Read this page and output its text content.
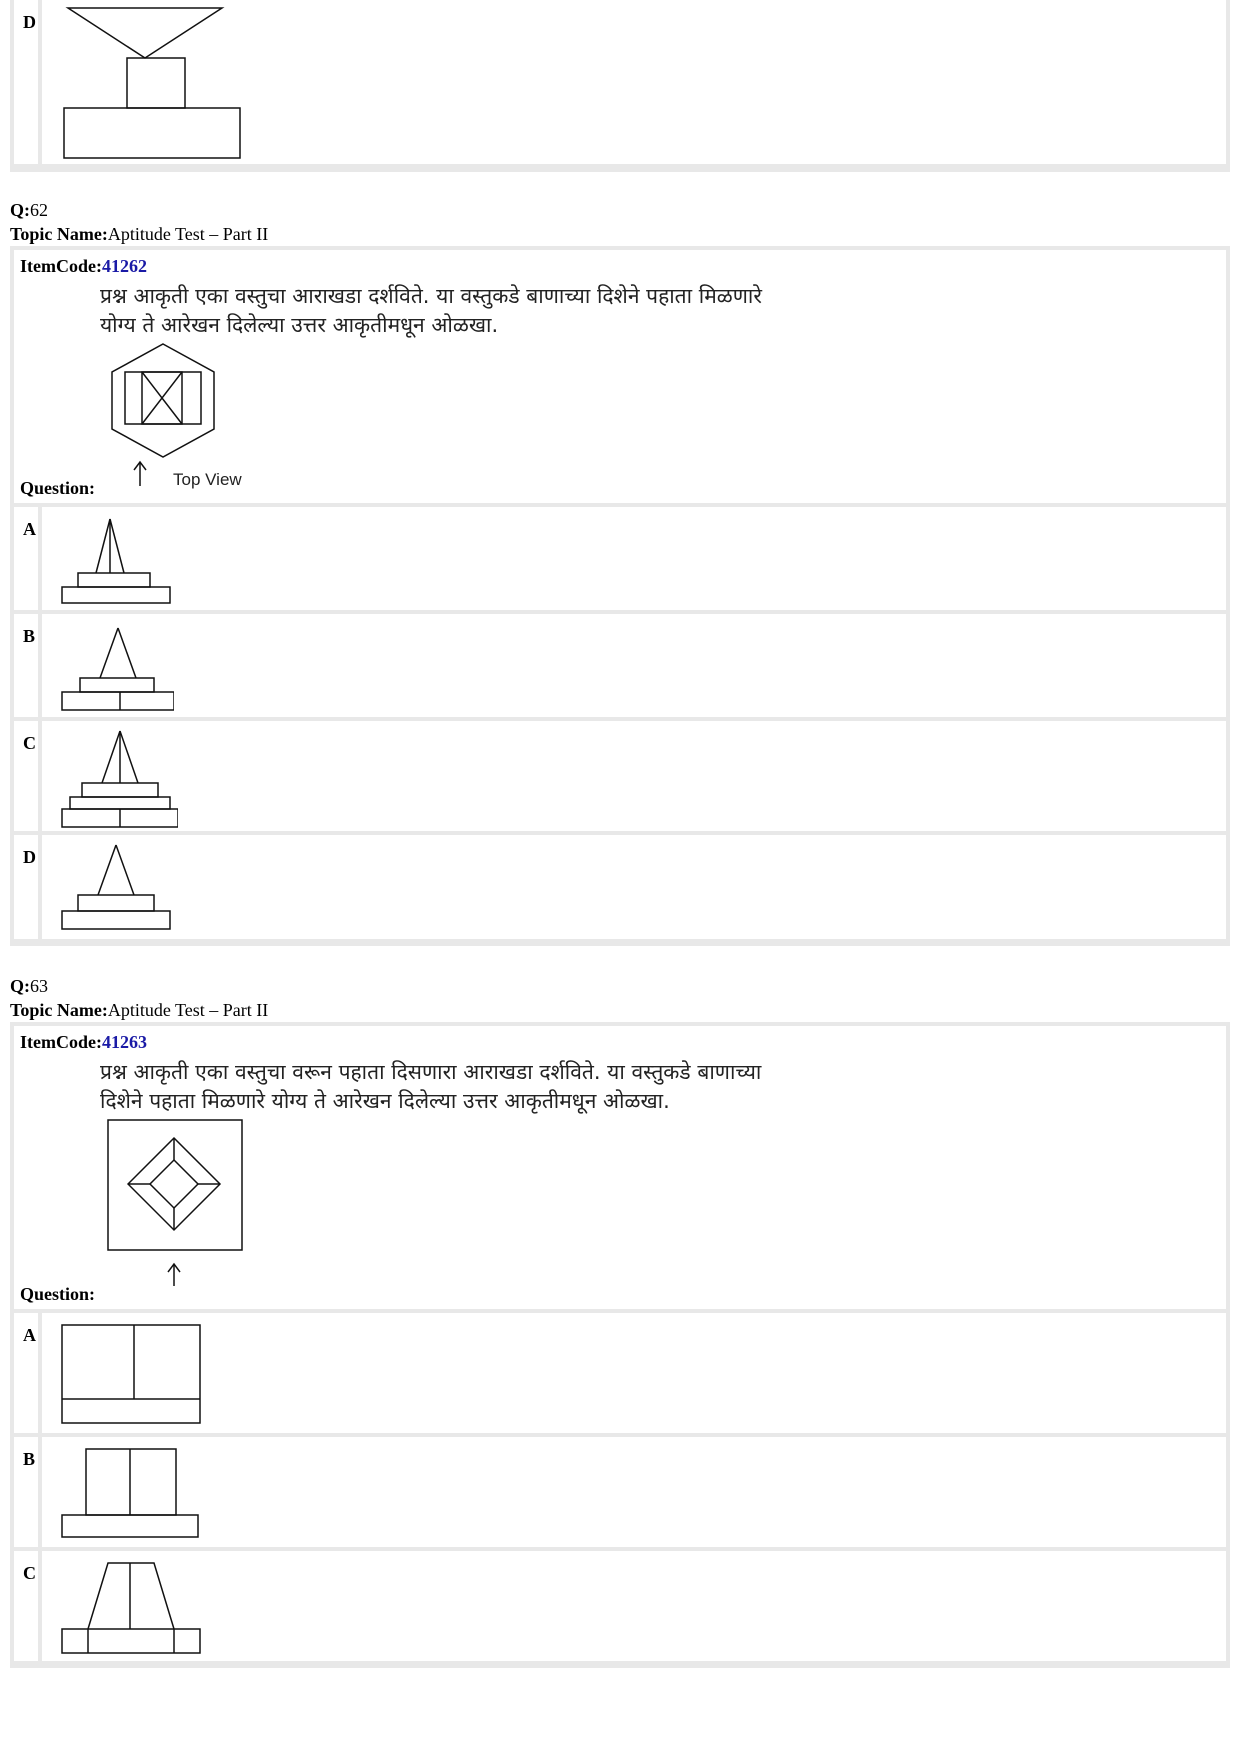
D
Q:62
Topic Name:Aptitude Test – Part II
ItemCode:41262
प्रश्न आकृती एका वस्तुचा आराखडा दर्शविते. या वस्तुकडे बाणाच्या दिशेने पहाता मिळणारे
योग्य ते आरेखन दिलेल्या उत्तर आकृतीमधून ओळखा.
Top View
Question:
A
B
C
D
Q:63
Topic Name:Aptitude Test – Part II
ItemCode:41263
प्रश्न आकृती एका वस्तुचा वरून पहाता दिसणारा आराखडा दर्शविते. या वस्तुकडे बाणाच्या
दिशेने पहाता मिळणारे योग्य ते आरेखन दिलेल्या उत्तर आकृतीमधून ओळखा.
Question:
A
B
C
